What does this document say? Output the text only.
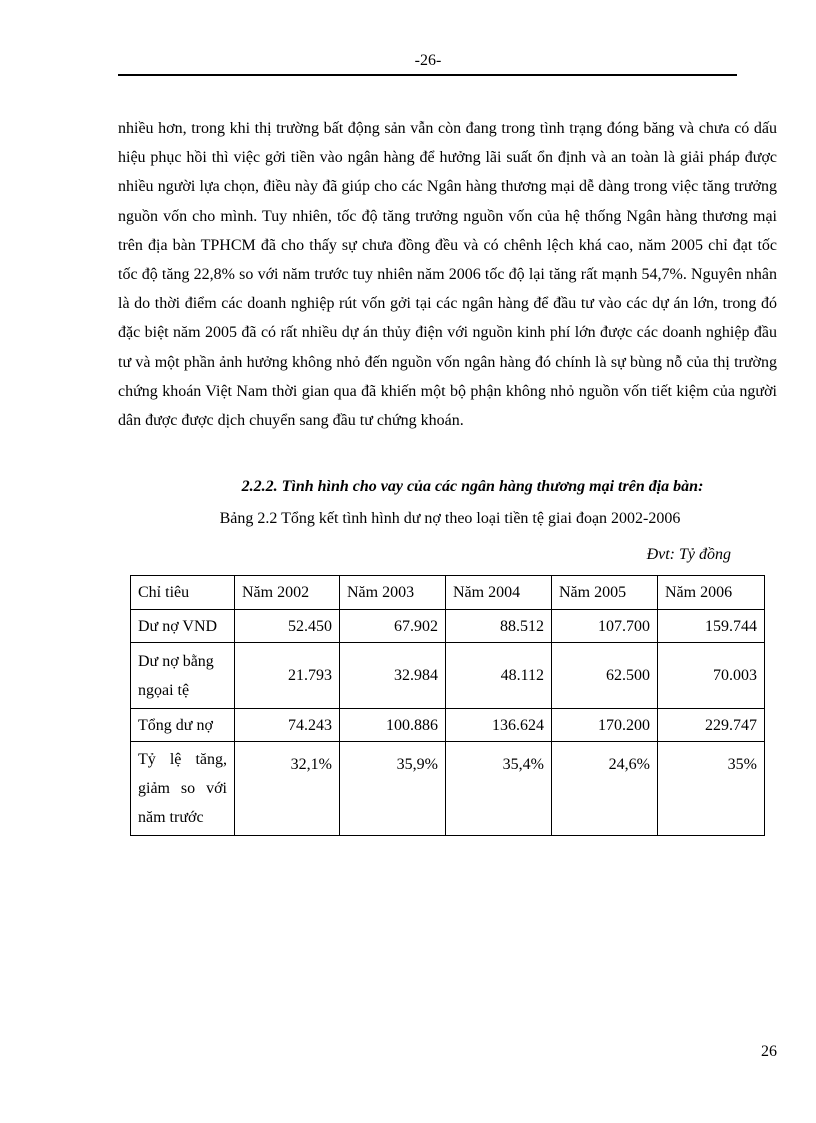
-26-

nhiều hơn, trong khi thị trường bất động sản vẫn còn đang trong tình trạng đóng băng và chưa có dấu hiệu phục hồi thì việc gởi tiền vào ngân hàng để hưởng lãi suất ổn định và an toàn là giải pháp được nhiều người lựa chọn, điều này đã giúp cho các Ngân hàng thương mại dễ dàng trong việc tăng trưởng nguồn vốn cho mình. Tuy nhiên, tốc độ tăng trưởng nguồn vốn của hệ thống Ngân hàng thương mại trên địa bàn TPHCM đã cho thấy sự chưa đồng đều và có chênh lệch khá cao, năm 2005 chỉ đạt tốc tốc độ tăng 22,8% so với năm trước tuy nhiên năm 2006 tốc độ lại tăng rất mạnh 54,7%. Nguyên nhân là do thời điểm các doanh nghiệp rút vốn gởi tại các ngân hàng để đầu tư vào các dự án lớn, trong đó đặc biệt năm 2005 đã có rất nhiều dự án thủy điện với nguồn kinh phí lớn được các doanh nghiệp đầu tư và một phần ảnh hưởng không nhỏ đến nguồn vốn ngân hàng đó chính là sự bùng nỗ của thị trường chứng khoán Việt Nam thời gian qua đã khiến một bộ phận không nhỏ nguồn vốn tiết kiệm của người dân được được dịch chuyển sang đầu tư chứng khoán.

2.2.2. Tình hình cho vay của các ngân hàng thương mại trên địa bàn:
Bảng 2.2 Tổng kết tình hình dư nợ theo loại tiền tệ giai đoạn 2002-2006
Đvt: Tỷ đồng
Chỉ tiêu	Năm 2002	Năm 2003	Năm 2004	Năm 2005	Năm 2006
Dư nợ VND	52.450	67.902	88.512	107.700	159.744
Dư nợ bằng ngọai tệ	21.793	32.984	48.112	62.500	70.003
Tổng dư nợ	74.243	100.886	136.624	170.200	229.747

Tỷ lệ tăng, giảm so với năm trước	32,1%	35,9%	35,4%	24,6%	35%
26
